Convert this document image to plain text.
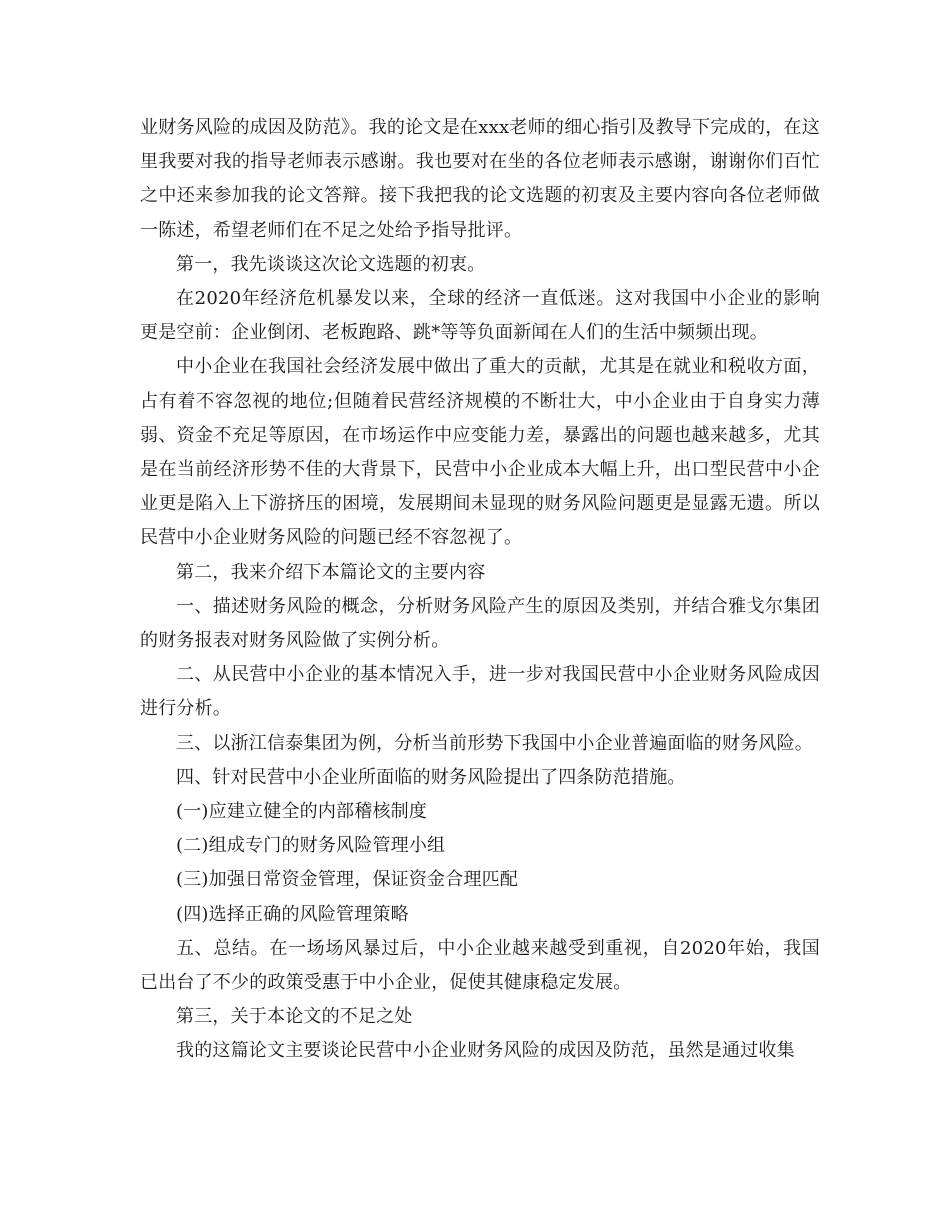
业财务风险的成因及防范》。我的论文是在xxx老师的细心指引及教导下完成的，在这里我要对我的指导老师表示感谢。我也要对在坐的各位老师表示感谢，谢谢你们百忙之中还来参加我的论文答辩。接下我把我的论文选题的初衷及主要内容向各位老师做一陈述，希望老师们在不足之处给予指导批评。

第一，我先谈谈这次论文选题的初衷。

在2020年经济危机暴发以来，全球的经济一直低迷。这对我国中小企业的影响更是空前：企业倒闭、老板跑路、跳*等等负面新闻在人们的生活中频频出现。

中小企业在我国社会经济发展中做出了重大的贡献，尤其是在就业和税收方面，占有着不容忽视的地位;但随着民营经济规模的不断壮大，中小企业由于自身实力薄弱、资金不充足等原因，在市场运作中应变能力差，暴露出的问题也越来越多，尤其是在当前经济形势不佳的大背景下，民营中小企业成本大幅上升，出口型民营中小企业更是陷入上下游挤压的困境，发展期间未显现的财务风险问题更是显露无遗。所以民营中小企业财务风险的问题已经不容忽视了。

第二，我来介绍下本篇论文的主要内容

一、描述财务风险的概念，分析财务风险产生的原因及类别，并结合雅戈尔集团的财务报表对财务风险做了实例分析。

二、从民营中小企业的基本情况入手，进一步对我国民营中小企业财务风险成因进行分析。

三、以浙江信泰集团为例，分析当前形势下我国中小企业普遍面临的财务风险。

四、针对民营中小企业所面临的财务风险提出了四条防范措施。

(一)应建立健全的内部稽核制度

(二)组成专门的财务风险管理小组

(三)加强日常资金管理，保证资金合理匹配

(四)选择正确的风险管理策略

五、总结。在一场场风暴过后，中小企业越来越受到重视，自2020年始，我国已出台了不少的政策受惠于中小企业，促使其健康稳定发展。

第三，关于本论文的不足之处

我的这篇论文主要谈论民营中小企业财务风险的成因及防范，虽然是通过收集
